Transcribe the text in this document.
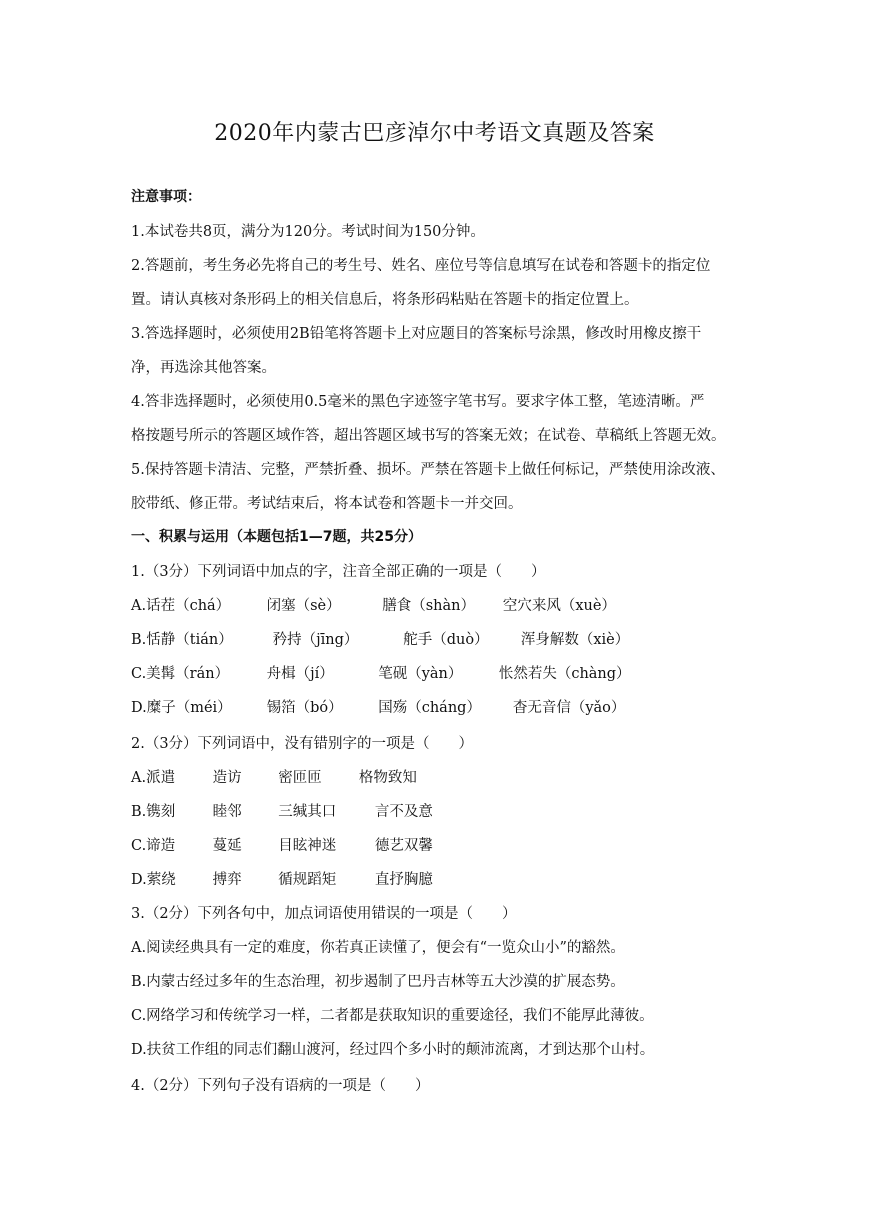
2020年内蒙古巴彦淖尔中考语文真题及答案
注意事项：
1.本试卷共8页，满分为120分。考试时间为150分钟。
2.答题前，考生务必先将自己的考生号、姓名、座位号等信息填写在试卷和答题卡的指定位
置。请认真核对条形码上的相关信息后，将条形码粘贴在答题卡的指定位置上。
3.答选择题时，必须使用2B铅笔将答题卡上对应题目的答案标号涂黑，修改时用橡皮擦干
净，再选涂其他答案。
4.答非选择题时，必须使用0.5毫米的黑色字迹签字笔书写。要求字体工整，笔迹清晰。严
格按题号所示的答题区域作答，超出答题区域书写的答案无效；在试卷、草稿纸上答题无效。
5.保持答题卡清洁、完整，严禁折叠、损坏。严禁在答题卡上做任何标记，严禁使用涂改液、
胶带纸、修正带。考试结束后，将本试卷和答题卡一并交回。
一、积累与运用（本题包括1—7题，共25分）
1.（3分）下列词语中加点的字，注音全部正确的一项是（　　）
A.话茬（chá）	闭塞（sè）	膳食（shàn） 空穴来风（xuè）
B.恬静（tián）	矜持（jīng）	舵手（duò） 浑身解数（xiè）
C.美髯（rán）	舟楫（jí）	笔砚（yàn）	怅然若失（chàng）
D.糜子（méi） 锡箔（bó） 国殇（cháng） 杳无音信（yǎo）
2.（3分）下列词语中，没有错别字的一项是（　　）
A.派遣	造访	密匝匝	格物致知
B.镌刻	睦邻	三缄其口	言不及意
C.谛造	蔓延	目眩神迷	德艺双馨
D.萦绕	搏弈	循规蹈矩	直抒胸臆
3.（2分）下列各句中，加点词语使用错误的一项是（　　）
A.阅读经典具有一定的难度，你若真正读懂了，便会有“一览众山小”的豁然。
B.内蒙古经过多年的生态治理，初步遏制了巴丹吉林等五大沙漠的扩展态势。
C.网络学习和传统学习一样，二者都是获取知识的重要途径，我们不能厚此薄彼。
D.扶贫工作组的同志们翻山渡河，经过四个多小时的颠沛流离，才到达那个山村。
4.（2分）下列句子没有语病的一项是（　　）
